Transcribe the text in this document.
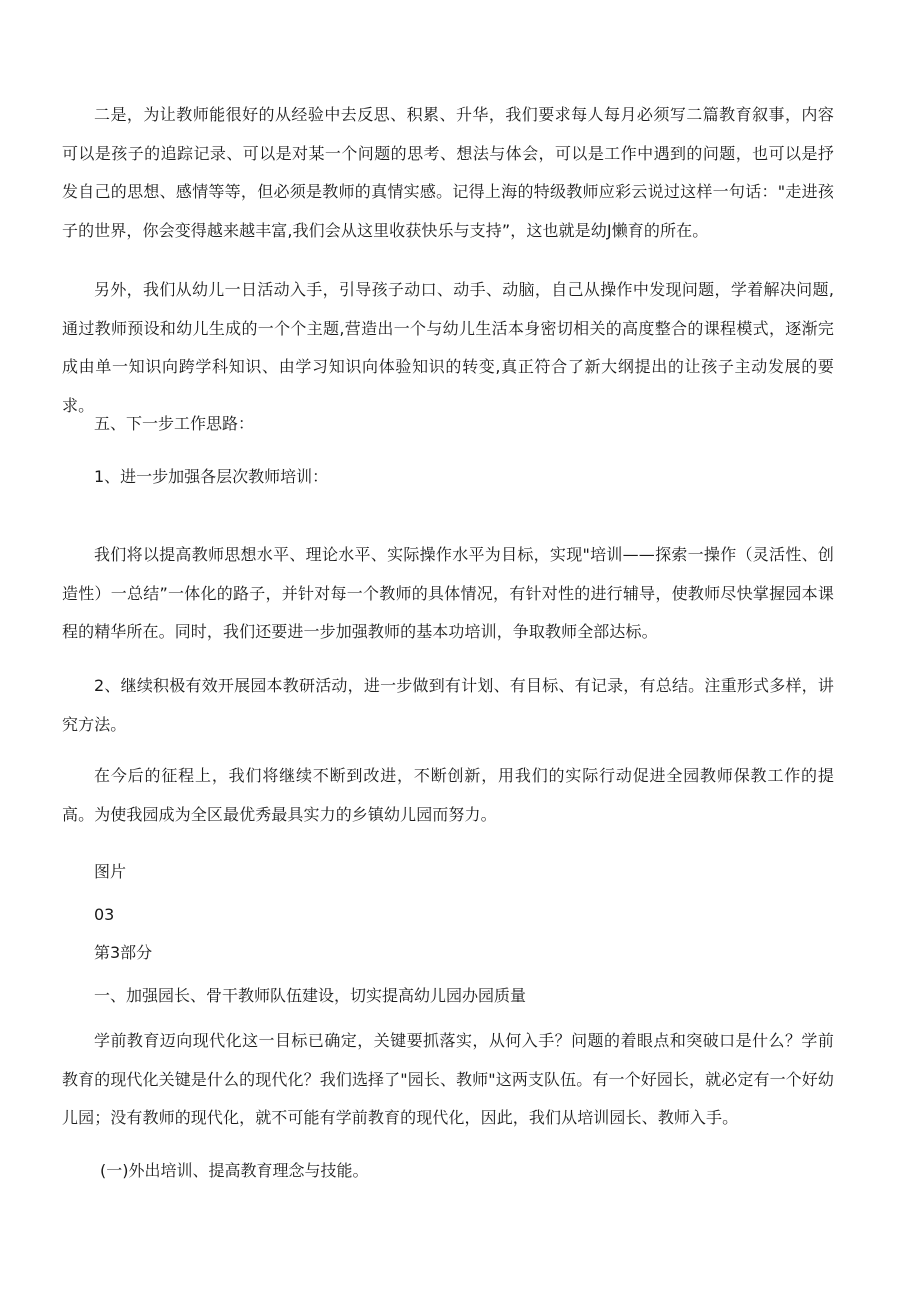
二是，为让教师能很好的从经验中去反思、积累、升华，我们要求每人每月必须写二篇教育叙事，内容可以是孩子的追踪记录、可以是对某一个问题的思考、想法与体会，可以是工作中遇到的问题，也可以是抒发自己的思想、感情等等，但必须是教师的真情实感。记得上海的特级教师应彩云说过这样一句话："走进孩子的世界，你会变得越来越丰富,我们会从这里收获快乐与支持”，这也就是幼J懒育的所在。

另外，我们从幼儿一日活动入手，引导孩子动口、动手、动脑，自己从操作中发现问题，学着解决问题,通过教师预设和幼儿生成的一个个主题,营造出一个与幼儿生活本身密切相关的高度整合的课程模式，逐渐完成由单一知识向跨学科知识、由学习知识向体验知识的转变,真正符合了新大纲提出的让孩子主动发展的要求。

五、下一步工作思路：

1、进一步加强各层次教师培训：

我们将以提高教师思想水平、理论水平、实际操作水平为目标，实现"培训——探索一操作（灵活性、创造性）一总结”一体化的路子，并针对每一个教师的具体情况，有针对性的进行辅导，使教师尽快掌握园本课程的精华所在。同时，我们还要进一步加强教师的基本功培训，争取教师全部达标。

2、继续积极有效开展园本教研活动，进一步做到有计划、有目标、有记录，有总结。注重形式多样，讲究方法。

在今后的征程上，我们将继续不断到改进，不断创新，用我们的实际行动促进全园教师保教工作的提高。为使我园成为全区最优秀最具实力的乡镇幼儿园而努力。

图片

03

第3部分

一、加强园长、骨干教师队伍建设，切实提高幼儿园办园质量

学前教育迈向现代化这一目标已确定，关键要抓落实，从何入手？问题的着眼点和突破口是什么？学前教育的现代化关键是什么的现代化？我们选择了"园长、教师"这两支队伍。有一个好园长，就必定有一个好幼儿园；没有教师的现代化，就不可能有学前教育的现代化，因此，我们从培训园长、教师入手。

(一)外出培训、提高教育理念与技能。
